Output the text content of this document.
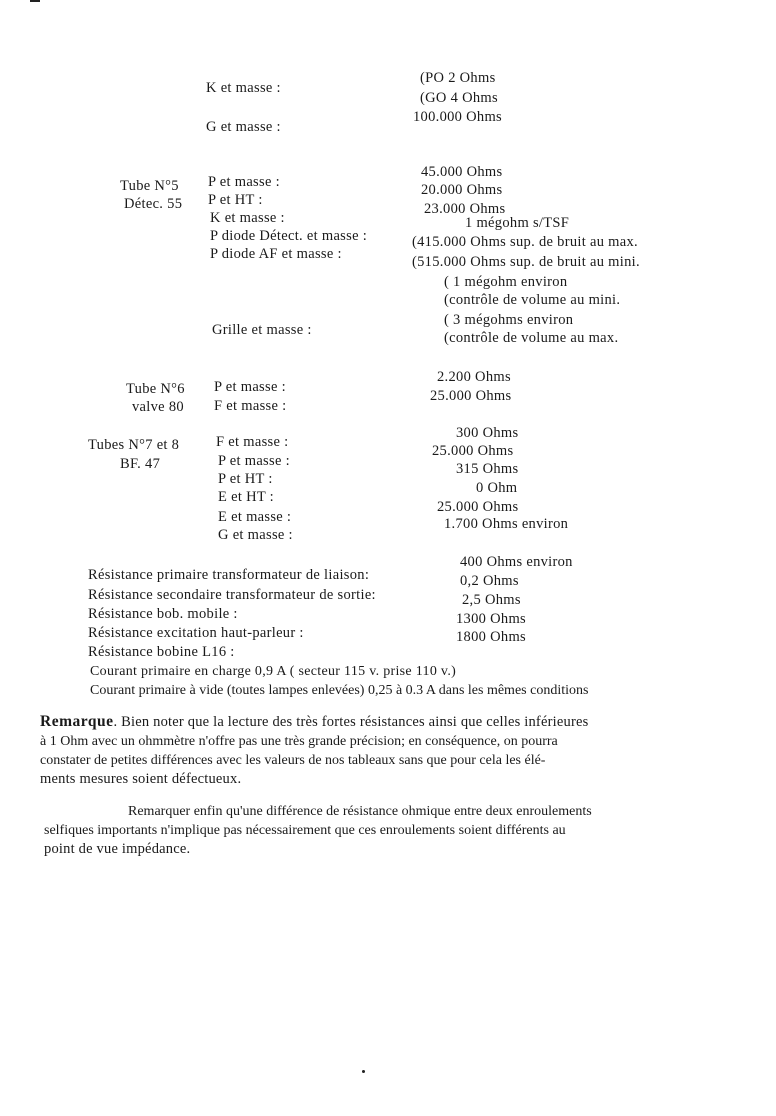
K et masse :
(PO 2 Ohms
(GO 4 Ohms
G et masse :
100.000 Ohms
Tube N°5
Détec. 55
P et masse :
45.000 Ohms
P et HT :
20.000 Ohms
K et masse :
23.000 Ohms
P diode Détect. et masse :
1 mégohm s/TSF
P diode AF et masse :
(415.000 Ohms sup. de bruit au max.
(515.000 Ohms sup. de bruit au mini.
( 1 mégohm environ
(contrôle de volume au mini.
Grille et masse :
( 3 mégohms environ
(contrôle de volume au max.
Tube N°6
valve 80
P et masse :
2.200 Ohms
F et masse :
25.000 Ohms
Tubes N°7 et 8
BF. 47
F et masse :
300 Ohms
P et masse :
25.000 Ohms
P et HT :
315 Ohms
E et HT :
0 Ohm
E et masse :
25.000 Ohms
G et masse :
1.700 Ohms environ
Résistance primaire transformateur de liaison:
400 Ohms environ
Résistance secondaire transformateur de sortie:
0,2 Ohms
Résistance bob. mobile :
2,5 Ohms
Résistance excitation haut-parleur :
1300 Ohms
Résistance bobine L16 :
1800 Ohms
Courant primaire en charge 0,9 A ( secteur 115 v. prise 110 v.)
Courant primaire à vide (toutes lampes enlevées) 0,25 à 0.3 A dans les mêmes conditions

Remarque. Bien noter que la lecture des très fortes résistances ainsi que celles inférieures

à 1 Ohm avec un ohmmètre n'offre pas une très grande précision; en conséquence, on pourra

constater de petites différences avec les valeurs de nos tableaux sans que pour cela les élé-

ments mesures soient défectueux.

Remarquer enfin qu'une différence de résistance ohmique entre deux enroulements

selfiques importants n'implique pas nécessairement que ces enroulements soient différents au

point de vue impédance.
